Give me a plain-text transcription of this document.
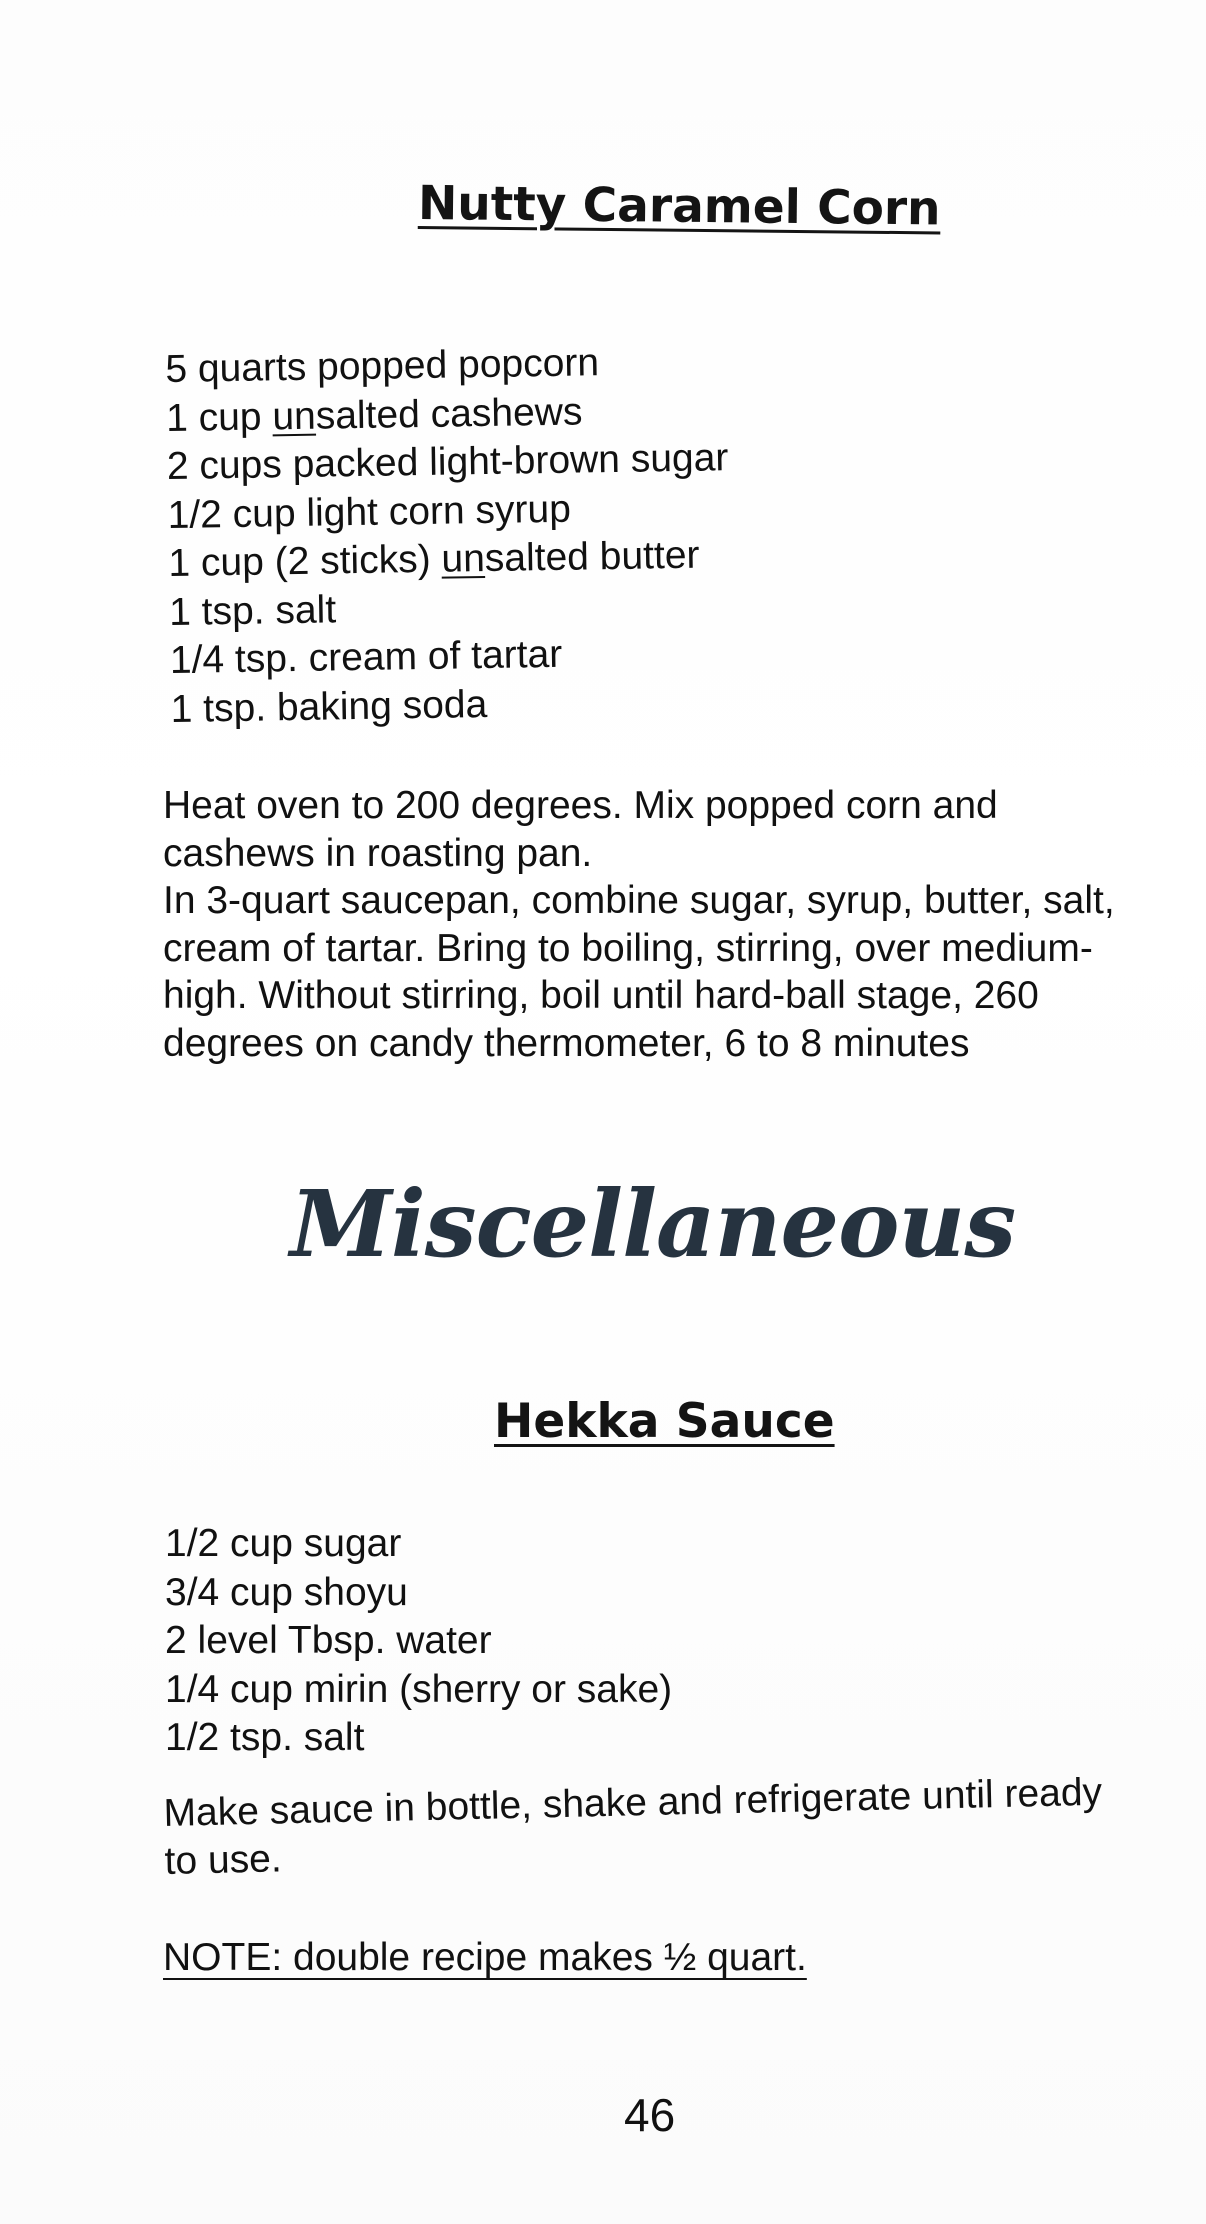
Nutty Caramel Corn
5 quarts popped popcorn
1 cup unsalted cashews
2 cups packed light-brown sugar
1/2 cup light corn syrup
1 cup (2 sticks) unsalted butter
1 tsp. salt
1/4 tsp. cream of tartar
1 tsp. baking soda

Heat oven to 200 degrees. Mix popped corn and cashews in roasting pan.

In 3-quart saucepan, combine sugar, syrup, butter, salt, cream of tartar. Bring to boiling, stirring, over medium-high. Without stirring, boil until hard-ball stage, 260 degrees on candy thermometer, 6 to 8 minutes

Miscellaneous
Hekka Sauce
1/2 cup sugar
3/4 cup shoyu
2 level Tbsp. water
1/4 cup mirin (sherry or sake)
1/2 tsp. salt

Make sauce in bottle, shake and refrigerate until ready to use.

NOTE: double recipe makes ½ quart.

46
